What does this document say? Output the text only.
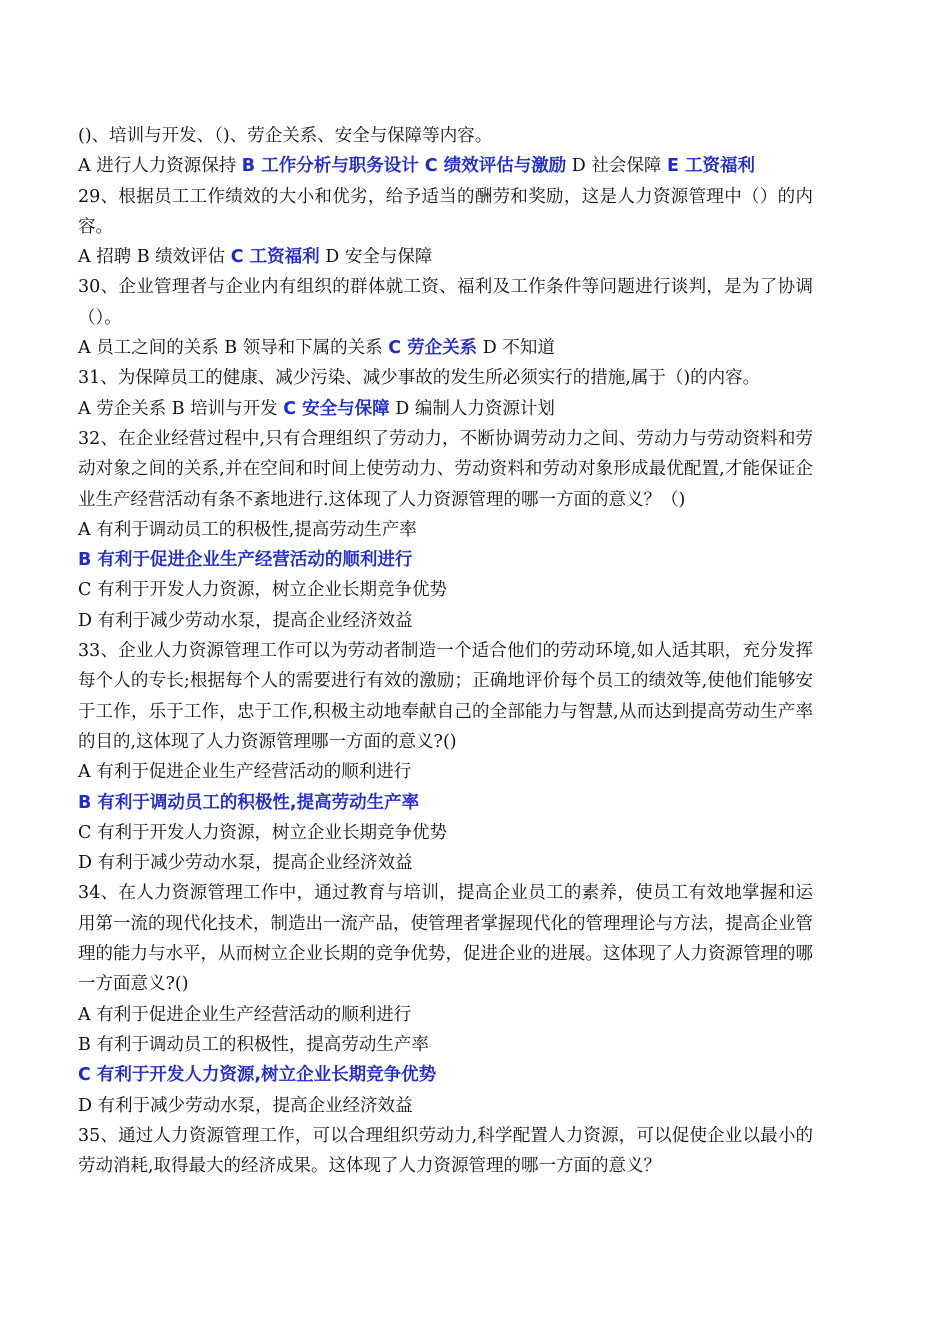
()、培训与开发、（)、劳企关系、安全与保障等内容。
A 进行人力资源保持 B 工作分析与职务设计 C 绩效评估与激励 D 社会保障 E 工资福利
29、根据员工工作绩效的大小和优劣，给予适当的酬劳和奖励，这是人力资源管理中（）的内容。
A 招聘 B 绩效评估 C 工资福利 D 安全与保障
30、企业管理者与企业内有组织的群体就工资、福利及工作条件等问题进行谈判，是为了协调（）。
A 员工之间的关系 B 领导和下属的关系 C 劳企关系 D 不知道
31、为保障员工的健康、减少污染、减少事故的发生所必须实行的措施,属于（)的内容。
A 劳企关系 B 培训与开发 C 安全与保障 D 编制人力资源计划
32、在企业经营过程中,只有合理组织了劳动力，不断协调劳动力之间、劳动力与劳动资料和劳动对象之间的关系,并在空间和时间上使劳动力、劳动资料和劳动对象形成最优配置,才能保证企业生产经营活动有条不紊地进行.这体现了人力资源管理的哪一方面的意义？（)
A 有利于调动员工的积极性,提高劳动生产率
B 有利于促进企业生产经营活动的顺利进行
C 有利于开发人力资源，树立企业长期竞争优势
D 有利于减少劳动水泵，提高企业经济效益
33、企业人力资源管理工作可以为劳动者制造一个适合他们的劳动环境,如人适其职，充分发挥每个人的专长;根据每个人的需要进行有效的激励；正确地评价每个员工的绩效等,使他们能够安于工作，乐于工作，忠于工作,积极主动地奉献自己的全部能力与智慧,从而达到提高劳动生产率的目的,这体现了人力资源管理哪一方面的意义?()
A 有利于促进企业生产经营活动的顺利进行
B 有利于调动员工的积极性,提高劳动生产率
C 有利于开发人力资源，树立企业长期竞争优势
D 有利于减少劳动水泵，提高企业经济效益
34、在人力资源管理工作中，通过教育与培训，提高企业员工的素养，使员工有效地掌握和运用第一流的现代化技术，制造出一流产品，使管理者掌握现代化的管理理论与方法，提高企业管理的能力与水平，从而树立企业长期的竞争优势，促进企业的进展。这体现了人力资源管理的哪一方面意义?()
A 有利于促进企业生产经营活动的顺利进行
B 有利于调动员工的积极性，提高劳动生产率
C 有利于开发人力资源,树立企业长期竞争优势
D 有利于减少劳动水泵，提高企业经济效益
35、通过人力资源管理工作，可以合理组织劳动力,科学配置人力资源，可以促使企业以最小的劳动消耗,取得最大的经济成果。这体现了人力资源管理的哪一方面的意义？
